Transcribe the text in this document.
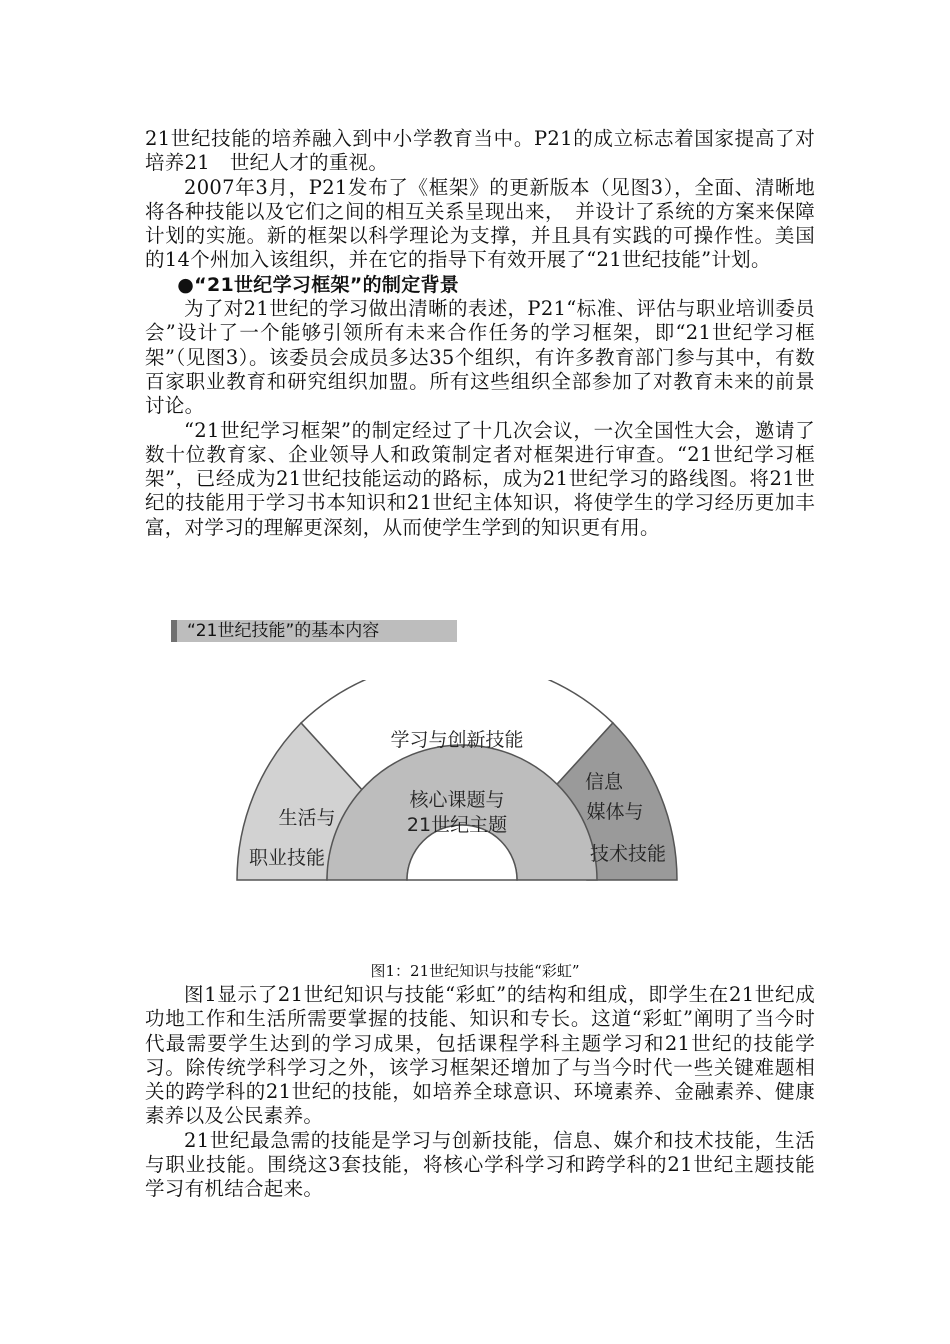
21世纪技能的培养融入到中小学教育当中。P21的成立标志着国家提高了对培养21　世纪人才的重视。

2007年3月，P21发布了《框架》的更新版本（见图3），全面、清晰地将各种技能以及它们之间的相互关系呈现出来，　并设计了系统的方案来保障计划的实施。新的框架以科学理论为支撑，并且具有实践的可操作性。美国的14个州加入该组织，并在它的指导下有效开展了“21世纪技能”计划。

●“21世纪学习框架”的制定背景

为了对21世纪的学习做出清晰的表述，P21“标准、评估与职业培训委员会”设计了一个能够引领所有未来合作任务的学习框架，即“21世纪学习框架”（见图3）。该委员会成员多达35个组织，有许多教育部门参与其中，有数百家职业教育和研究组织加盟。所有这些组织全部参加了对教育未来的前景讨论。

“21世纪学习框架”的制定经过了十几次会议，一次全国性大会，邀请了数十位教育家、企业领导人和政策制定者对框架进行审查。“21世纪学习框架”，已经成为21世纪技能运动的路标，成为21世纪学习的路线图。将21世纪的技能用于学习书本知识和21世纪主体知识，将使学生的学习经历更加丰富，对学习的理解更深刻，从而使学生学到的知识更有用。

“21世纪技能”的基本内容
学习与创新技能
生活与
职业技能
信息
媒体与
技术技能
核心课题与
21世纪主题
图1：21世纪知识与技能“彩虹”

图1显示了21世纪知识与技能“彩虹”的结构和组成，即学生在21世纪成功地工作和生活所需要掌握的技能、知识和专长。这道“彩虹”阐明了当今时代最需要学生达到的学习成果，包括课程学科主题学习和21世纪的技能学习。除传统学科学习之外，该学习框架还增加了与当今时代一些关键难题相关的跨学科的21世纪的技能，如培养全球意识、环境素养、金融素养、健康素养以及公民素养。

21世纪最急需的技能是学习与创新技能，信息、媒介和技术技能，生活与职业技能。围绕这3套技能，将核心学科学习和跨学科的21世纪主题技能学习有机结合起来。
